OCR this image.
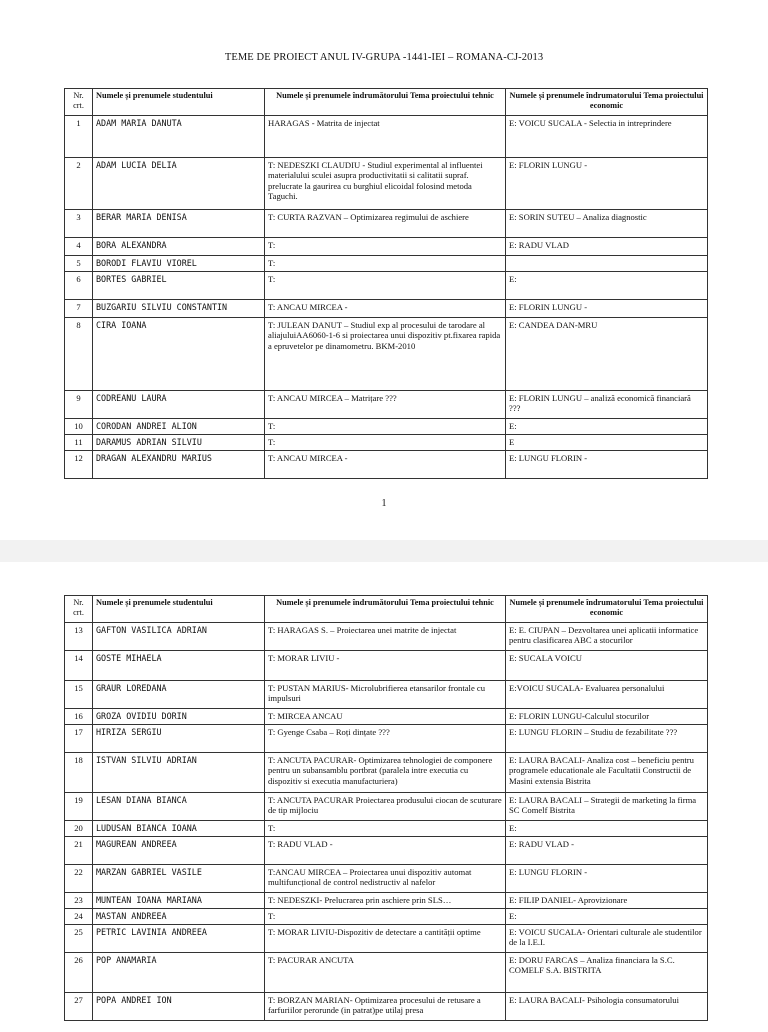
TEME DE PROIECT ANUL IV-GRUPA -1441-IEI – ROMANA-CJ-2013
Nr. crt.	Numele și prenumele studentului	Numele și prenumele îndrumătorului Tema proiectului tehnic	Numele și prenumele îndrumatorului Tema proiectului economic
1	ADAM MARIA DANUTA	HARAGAS - Matrita de injectat	E: VOICU SUCALA - Selectia in intreprindere
2	ADAM LUCIA DELIA	T: NEDESZKI CLAUDIU - Studiul experimental al influentei materialului sculei asupra productivitatii si calitatii supraf. prelucrate la gaurirea cu burghiul elicoidal folosind metoda Taguchi.	E: FLORIN LUNGU -
3	BERAR MARIA DENISA	T: CURTA RAZVAN – Optimizarea regimului de aschiere	E: SORIN SUTEU – Analiza diagnostic
4	BORA ALEXANDRA	T:	E: RADU VLAD
5	BORODI FLAVIU VIOREL	T:	
6	BORTES GABRIEL	T:	E:
7	BUZGARIU SILVIU CONSTANTIN	T: ANCAU MIRCEA -	E: FLORIN LUNGU -
8	CIRA IOANA	T: JULEAN DANUT – Studiul exp al procesului de tarodare al aliajuluiAA6060-1-6 si proiectarea unui dispozitiv pt.fixarea rapida a epruvetelor pe dinamometru. BKM-2010	E: CANDEA DAN-MRU
9	CODREANU LAURA	T: ANCAU MIRCEA – Matrițare ???	E: FLORIN LUNGU – analiză economică financiară ???
10	CORODAN ANDREI ALION	T:	E:
11	DARAMUS ADRIAN SILVIU	T:	E
12	DRAGAN ALEXANDRU MARIUS	T: ANCAU MIRCEA -	E: LUNGU FLORIN -
1
Nr. crt.	Numele și prenumele studentului	Numele și prenumele îndrumătorului Tema proiectului tehnic	Numele și prenumele îndrumatorului Tema proiectului economic
13	GAFTON VASILICA ADRIAN	T: HARAGAS S. – Proiectarea unei matrite de injectat	E: E. CIUPAN – Dezvoltarea unei aplicatii informatice pentru clasificarea ABC a stocurilor
14	GOSTE MIHAELA	T: MORAR LIVIU -	E: SUCALA VOICU
15	GRAUR LOREDANA	T: PUSTAN MARIUS- Microlubrifierea etansarilor frontale cu impulsuri	E:VOICU SUCALA- Evaluarea personalului
16	GROZA OVIDIU DORIN	T: MIRCEA ANCAU	E: FLORIN LUNGU-Calculul stocurilor
17	HIRIZA SERGIU	T: Gyenge Csaba – Roți dințate ???	E: LUNGU FLORIN – Studiu de fezabilitate ???
18	ISTVAN SILVIU ADRIAN	T: ANCUTA PACURAR- Optimizarea tehnologiei de componere pentru un subansamblu portbrat (paralela intre executia cu dispozitiv si executia manufacturiera)	E: LAURA BACALI- Analiza cost – beneficiu pentru programele educationale ale Facultatii Constructii de Masini extensia Bistrita
19	LESAN DIANA BIANCA	T: ANCUTA PACURAR Proiectarea produsului ciocan de scuturare de tip mijlociu	E: LAURA BACALI – Strategii de marketing la firma SC Comelf Bistrita
20	LUDUSAN BIANCA IOANA	T:	E:
21	MAGUREAN ANDREEA	T: RADU VLAD -	E: RADU VLAD -
22	MARZAN GABRIEL VASILE	T:ANCAU MIRCEA – Proiectarea unui dispozitiv automat multifuncțional de control nedistructiv al nafelor	E: LUNGU FLORIN -
23	MUNTEAN IOANA MARIANA	T: NEDESZKI- Prelucrarea prin aschiere prin SLS…	E: FILIP DANIEL- Aprovizionare
24	MASTAN ANDREEA	T:	E:
25	PETRIC LAVINIA ANDREEA	T: MORAR LIVIU-Dispozitiv de detectare a cantității optime	E: VOICU SUCALA- Orientari culturale ale studentilor de la I.E.I.
26	POP ANAMARIA	T: PACURAR ANCUTA	E: DORU FARCAS – Analiza financiara la S.C. COMELF S.A. BISTRITA
27	POPA ANDREI ION	T: BORZAN MARIAN- Optimizarea procesului de retusare a farfuriilor perorunde (in patrat)pe utilaj presa	E: LAURA BACALI- Psihologia consumatorului
